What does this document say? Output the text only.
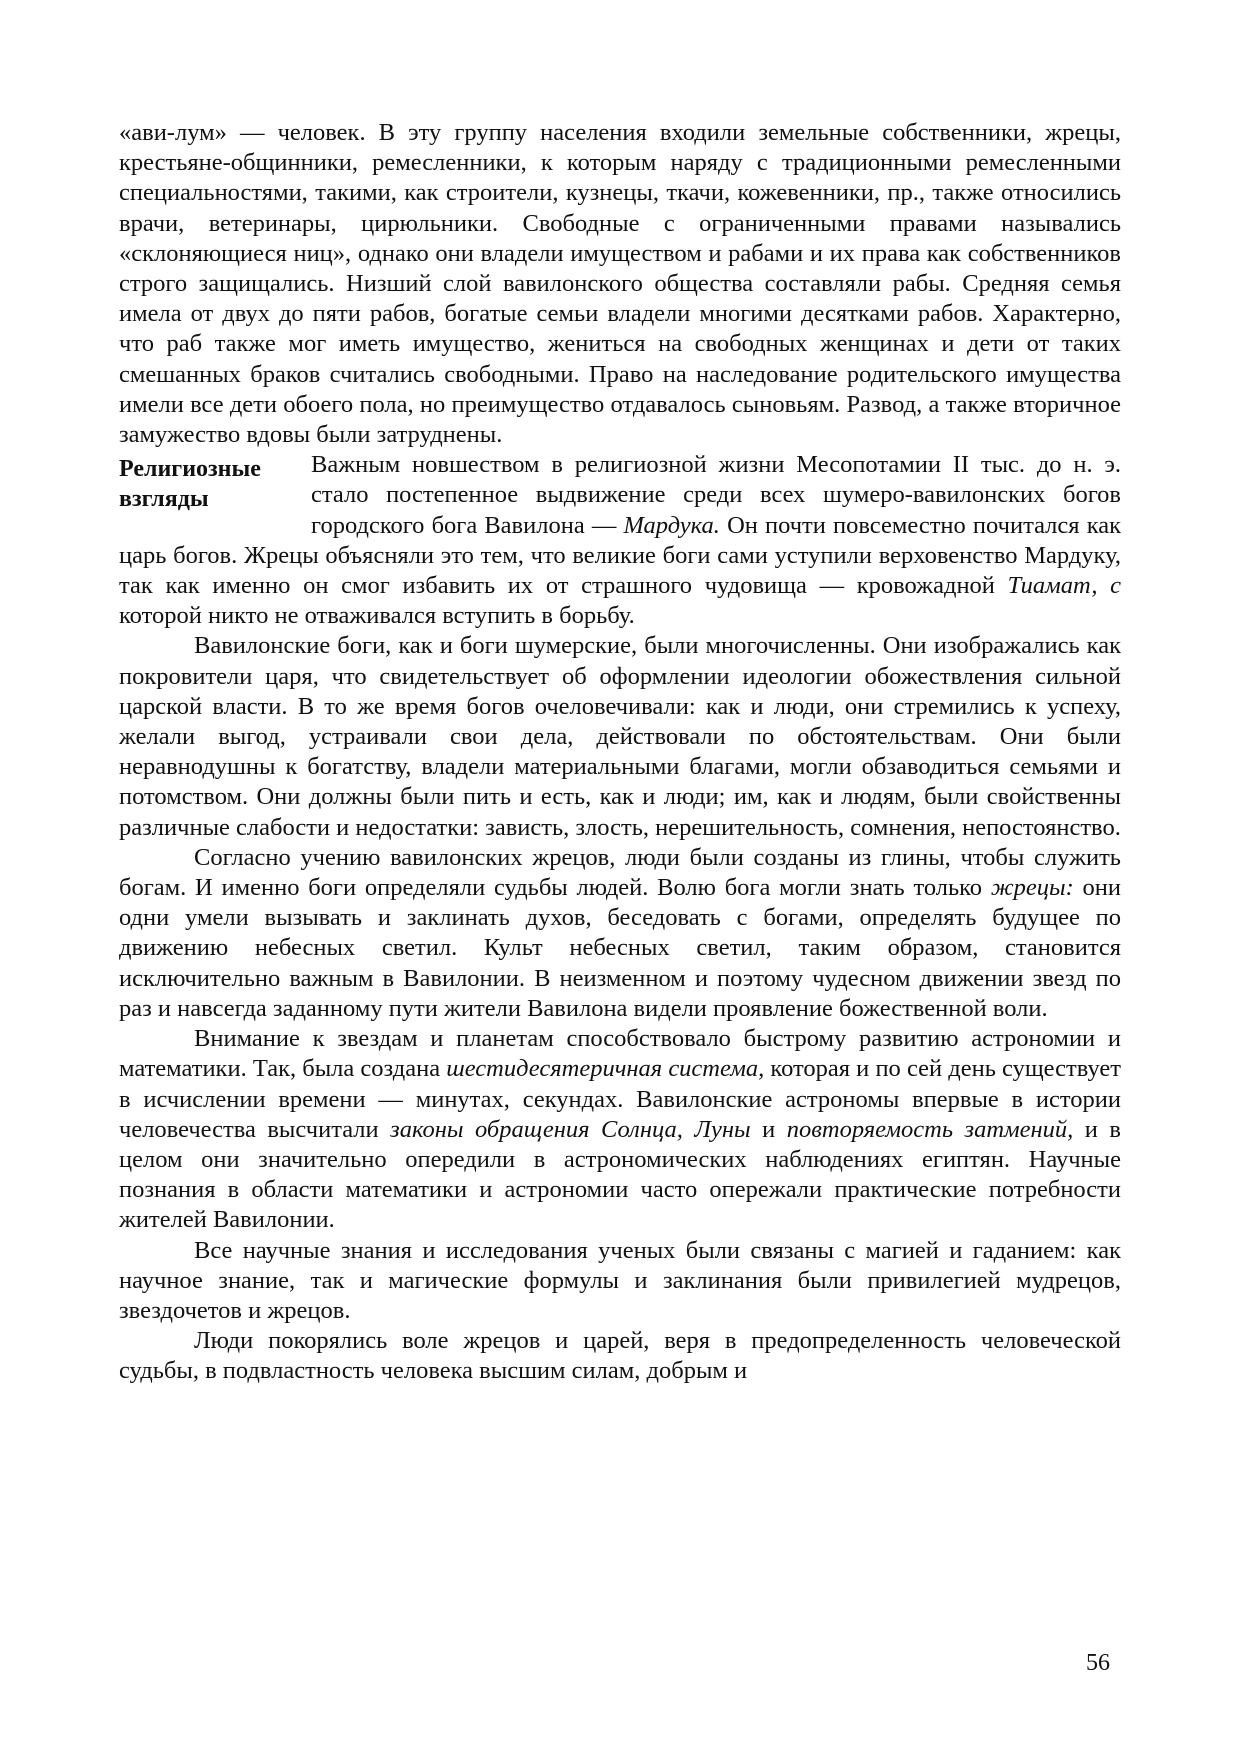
«ави-лум» — человек. В эту группу населения входили земельные собственники, жрецы, крестьяне-общинники, ремесленники, к которым наряду с традиционными ремесленными специальностями, такими, как строители, кузнецы, ткачи, кожевенники, пр., также относились врачи, ветеринары, цирюльники. Свободные с ограниченными правами назывались «склоняющиеся ниц», однако они владели имуществом и рабами и их права как собственников строго защищались. Низший слой вавилонского общества составляли рабы. Средняя семья имела от двух до пяти рабов, богатые семьи владели многими десятками рабов. Характерно, что раб также мог иметь имущество, жениться на свободных женщинах и дети от таких смешанных браков считались свободными. Право на наследование родительского имущества имели все дети обоего пола, но преимущество отдавалось сыновьям. Развод, а также вторичное замужество вдовы были затруднены.

Религиозные взгляды

Важным новшеством в религиозной жизни Месопотамии II тыс. до н. э. стало постепенное выдвижение среди всех шумеро-вавилонских богов городского бога Вавилона — Мардука. Он почти повсеместно почитался как царь богов. Жрецы объясняли это тем, что великие боги сами уступили верховенство Мардуку, так как именно он смог избавить их от страшного чудовища — кровожадной Тиамат, с которой никто не отваживался вступить в борьбу.

Вавилонские боги, как и боги шумерские, были многочисленны. Они изображались как покровители царя, что свидетельствует об оформлении идеологии обожествления сильной царской власти. В то же время богов очеловечивали: как и люди, они стремились к успеху, желали выгод, устраивали свои дела, действовали по обстоятельствам. Они были неравнодушны к богатству, владели материальными благами, могли обзаводиться семьями и потомством. Они должны были пить и есть, как и люди; им, как и людям, были свойственны различные слабости и недостатки: зависть, злость, нерешительность, сомнения, непостоянство.

Согласно учению вавилонских жрецов, люди были созданы из глины, чтобы служить богам. И именно боги определяли судьбы людей. Волю бога могли знать только жрецы: они одни умели вызывать и заклинать духов, беседовать с богами, определять будущее по движению небесных светил. Культ небесных светил, таким образом, становится исключительно важным в Вавилонии. В неизменном и поэтому чудесном движении звезд по раз и навсегда заданному пути жители Вавилона видели проявление божественной воли.

Внимание к звездам и планетам способствовало быстрому развитию астрономии и математики. Так, была создана шестидесятеричная система, которая и по сей день существует в исчислении времени — минутах, секундах. Вавилонские астрономы впервые в истории человечества высчитали законы обращения Солнца, Луны и повторяемость затмений, и в целом они значительно опередили в астрономических наблюдениях египтян. Научные познания в области математики и астрономии часто опережали практические потребности жителей Вавилонии.

Все научные знания и исследования ученых были связаны с магией и гаданием: как научное знание, так и магические формулы и заклинания были привилегией мудрецов, звездочетов и жрецов.

Люди покорялись воле жрецов и царей, веря в предопределенность человеческой судьбы, в подвластность человека высшим силам, добрым и

56
